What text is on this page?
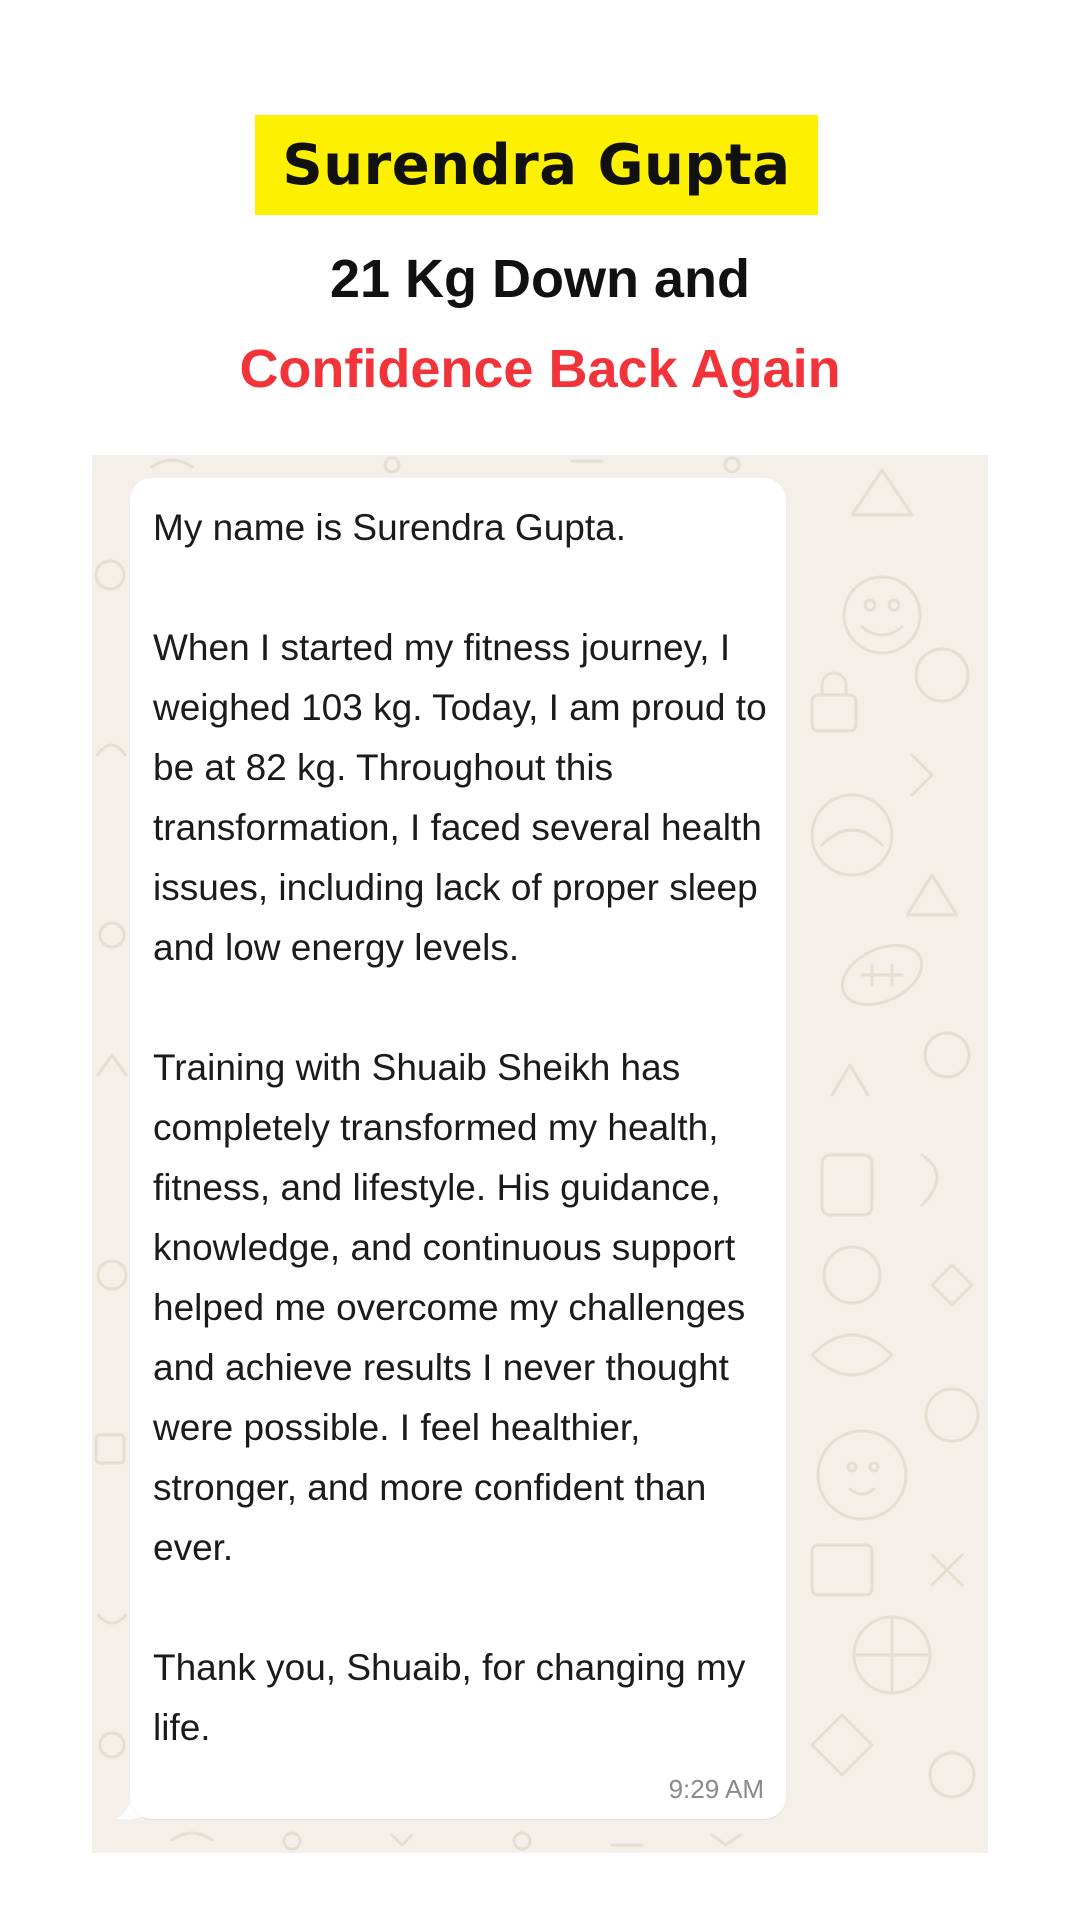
Surendra Gupta
21 Kg Down and
Confidence Back Again

My name is Surendra Gupta.

When I started my fitness journey, I weighed 103 kg. Today, I am proud to be at 82 kg. Throughout this transformation, I faced several health issues, including lack of proper sleep and low energy levels.

Training with Shuaib Sheikh has completely transformed my health, fitness, and lifestyle. His guidance, knowledge, and continuous support helped me overcome my challenges and achieve results I never thought were possible. I feel healthier, stronger, and more confident than ever.

Thank you, Shuaib, for changing my life.

9:29 AM
